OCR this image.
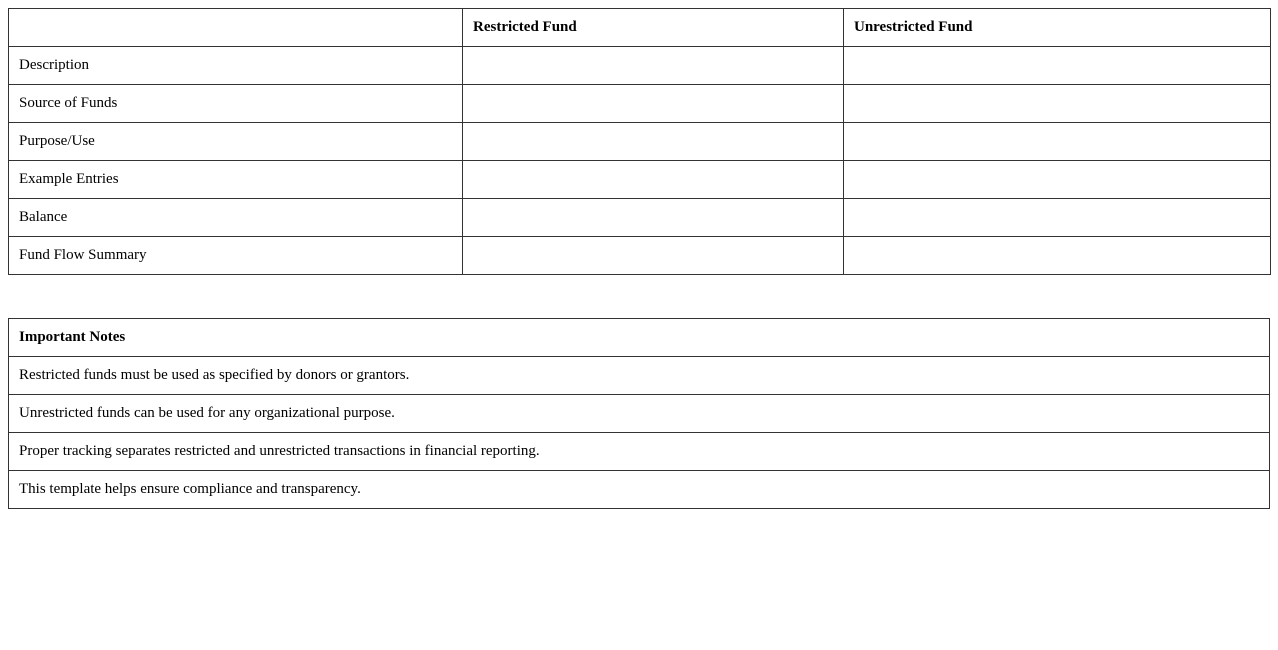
	Restricted Fund	Unrestricted Fund
Description		
Source of Funds		
Purpose/Use		
Example Entries		
Balance		
Fund Flow Summary		
Important Notes
Restricted funds must be used as specified by donors or grantors.
Unrestricted funds can be used for any organizational purpose.
Proper tracking separates restricted and unrestricted transactions in financial reporting.
This template helps ensure compliance and transparency.
